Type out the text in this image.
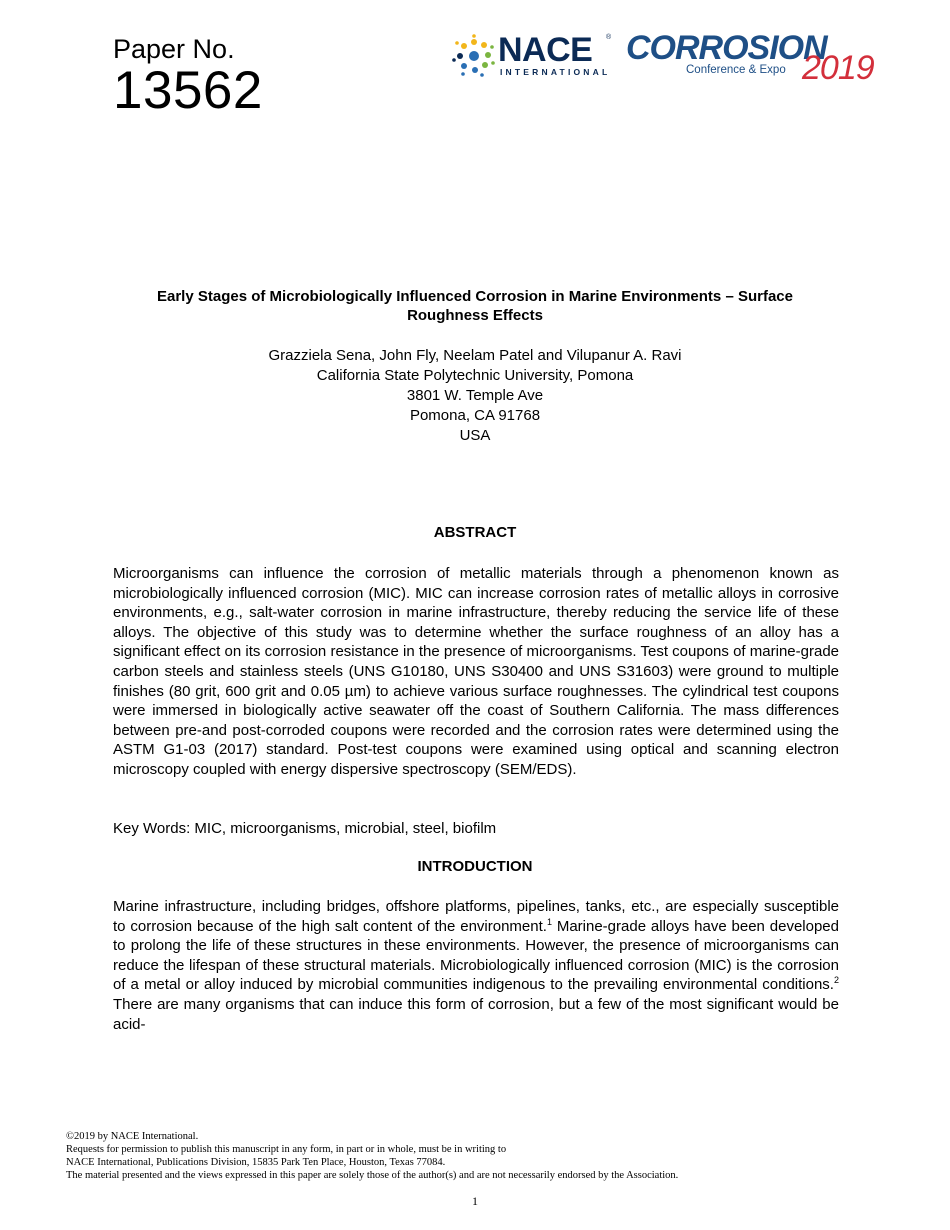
Paper No.
13562
NACE ®
INTERNATIONAL
CORROSION
Conference & Expo 2019
Early Stages of Microbiologically Influenced Corrosion in Marine Environments – Surface
Roughness Effects
Grazziela Sena, John Fly, Neelam Patel and Vilupanur A. Ravi
California State Polytechnic University, Pomona
3801 W. Temple Ave
Pomona, CA 91768
USA
ABSTRACT
Microorganisms can influence the corrosion of metallic materials through a phenomenon known as microbiologically influenced corrosion (MIC). MIC can increase corrosion rates of metallic alloys in corrosive environments, e.g., salt-water corrosion in marine infrastructure, thereby reducing the service life of these alloys. The objective of this study was to determine whether the surface roughness of an alloy has a significant effect on its corrosion resistance in the presence of microorganisms. Test coupons of marine-grade carbon steels and stainless steels (UNS G10180, UNS S30400 and UNS S31603) were ground to multiple finishes (80 grit, 600 grit and 0.05 µm) to achieve various surface roughnesses. The cylindrical test coupons were immersed in biologically active seawater off the coast of Southern California. The mass differences between pre-and post-corroded coupons were recorded and the corrosion rates were determined using the ASTM G1-03 (2017) standard. Post-test coupons were examined using optical and scanning electron microscopy coupled with energy dispersive spectroscopy (SEM/EDS).
Key Words: MIC, microorganisms, microbial, steel, biofilm
INTRODUCTION
Marine infrastructure, including bridges, offshore platforms, pipelines, tanks, etc., are especially susceptible to corrosion because of the high salt content of the environment.$^1$ Marine-grade alloys have been developed to prolong the life of these structures in these environments. However, the presence of microorganisms can reduce the lifespan of these structural materials. Microbiologically influenced corrosion (MIC) is the corrosion of a metal or alloy induced by microbial communities indigenous to the prevailing environmental conditions.$^2$ There are many organisms that can induce this form of corrosion, but a few of the most significant would be acid-
©2019 by NACE International.
Requests for permission to publish this manuscript in any form, in part or in whole, must be in writing to
NACE International, Publications Division, 15835 Park Ten Place, Houston, Texas 77084.
The material presented and the views expressed in this paper are solely those of the author(s) and are not necessarily endorsed by the Association.
1
